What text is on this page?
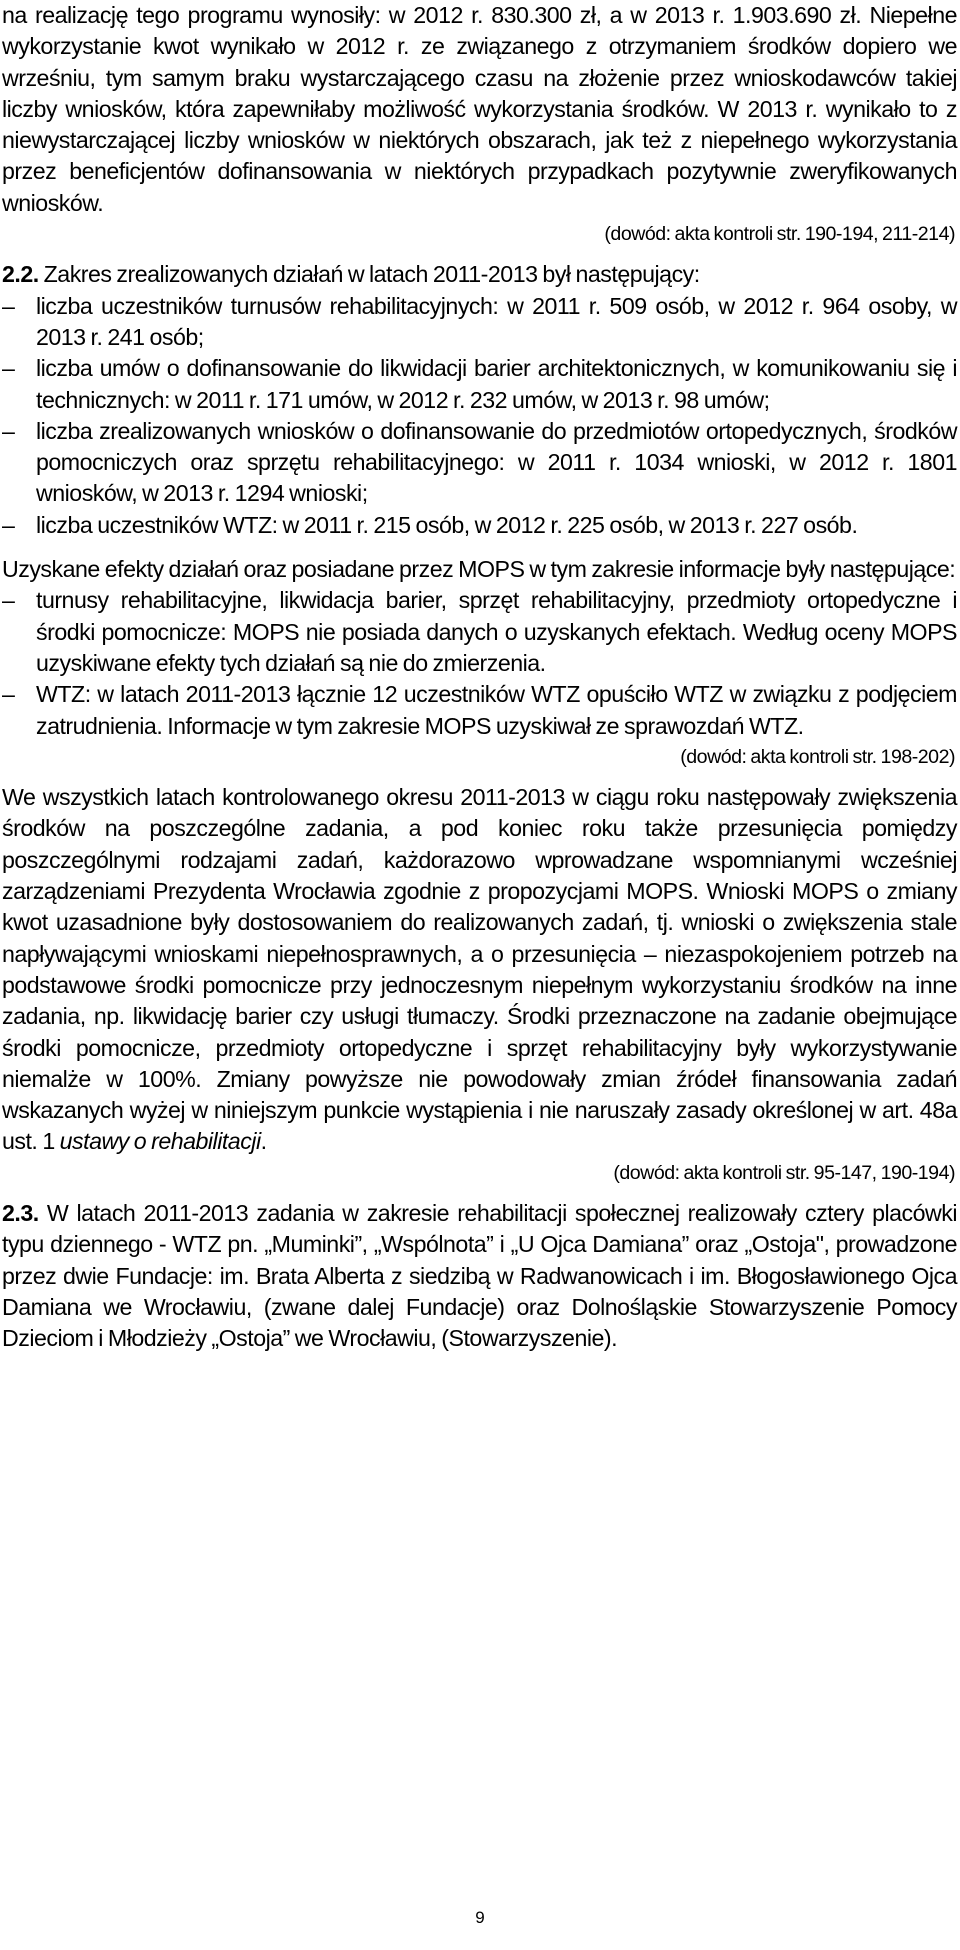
na realizację tego programu wynosiły: w 2012 r. 830.300 zł, a w 2013 r. 1.903.690 zł. Niepełne wykorzystanie kwot wynikało w 2012 r. ze związanego z otrzymaniem środków dopiero we wrześniu, tym samym braku wystarczającego czasu na złożenie przez wnioskodawców takiej liczby wniosków, która zapewniłaby możliwość wykorzystania środków. W 2013 r. wynikało to z niewystarczającej liczby wniosków w niektórych obszarach, jak też z niepełnego wykorzystania przez beneficjentów dofinansowania w niektórych przypadkach pozytywnie zweryfikowanych wniosków.

(dowód: akta kontroli str. 190-194, 211-214)

2.2. Zakres zrealizowanych działań w latach 2011-2013 był następujący:

– liczba uczestników turnusów rehabilitacyjnych: w 2011 r. 509 osób, w 2012 r. 964 osoby, w 2013 r. 241 osób;
– liczba umów o dofinansowanie do likwidacji barier architektonicznych, w komunikowaniu się i technicznych: w 2011 r. 171 umów, w 2012 r. 232 umów, w 2013 r. 98 umów;
– liczba zrealizowanych wniosków o dofinansowanie do przedmiotów ortopedycznych, środków pomocniczych oraz sprzętu rehabilitacyjnego: w 2011 r. 1034 wnioski, w 2012 r. 1801 wniosków, w 2013 r. 1294 wnioski;
– liczba uczestników WTZ: w 2011 r. 215 osób, w 2012 r. 225 osób, w 2013 r. 227 osób.

Uzyskane efekty działań oraz posiadane przez MOPS w tym zakresie informacje były następujące:

– turnusy rehabilitacyjne, likwidacja barier, sprzęt rehabilitacyjny, przedmioty ortopedyczne i środki pomocnicze: MOPS nie posiada danych o uzyskanych efektach. Według oceny MOPS uzyskiwane efekty tych działań są nie do zmierzenia.
– WTZ: w latach 2011-2013 łącznie 12 uczestników WTZ opuściło WTZ w związku z podjęciem zatrudnienia. Informacje w tym zakresie MOPS uzyskiwał ze sprawozdań WTZ.

(dowód: akta kontroli str. 198-202)

We wszystkich latach kontrolowanego okresu 2011-2013 w ciągu roku następowały zwiększenia środków na poszczególne zadania, a pod koniec roku także przesunięcia pomiędzy poszczególnymi rodzajami zadań, każdorazowo wprowadzane wspomnianymi wcześniej zarządzeniami Prezydenta Wrocławia zgodnie z propozycjami MOPS. Wnioski MOPS o zmiany kwot uzasadnione były dostosowaniem do realizowanych zadań, tj. wnioski o zwiększenia stale napływającymi wnioskami niepełnosprawnych, a o przesunięcia – niezaspokojeniem potrzeb na podstawowe środki pomocnicze przy jednoczesnym niepełnym wykorzystaniu środków na inne zadania, np. likwidację barier czy usługi tłumaczy. Środki przeznaczone na zadanie obejmujące środki pomocnicze, przedmioty ortopedyczne i sprzęt rehabilitacyjny były wykorzystywanie niemalże w 100%. Zmiany powyższe nie powodowały zmian źródeł finansowania zadań wskazanych wyżej w niniejszym punkcie wystąpienia i nie naruszały zasady określonej w art. 48a ust. 1 ustawy o rehabilitacji.

(dowód: akta kontroli str. 95-147, 190-194)

2.3. W latach 2011-2013 zadania w zakresie rehabilitacji społecznej realizowały cztery placówki typu dziennego - WTZ pn. „Muminki”, „Wspólnota” i „U Ojca Damiana” oraz „Ostoja", prowadzone przez dwie Fundacje: im. Brata Alberta z siedzibą w Radwanowicach i im. Błogosławionego Ojca Damiana we Wrocławiu, (zwane dalej Fundacje) oraz Dolnośląskie Stowarzyszenie Pomocy Dzieciom i Młodzieży „Ostoja” we Wrocławiu, (Stowarzyszenie).

9
